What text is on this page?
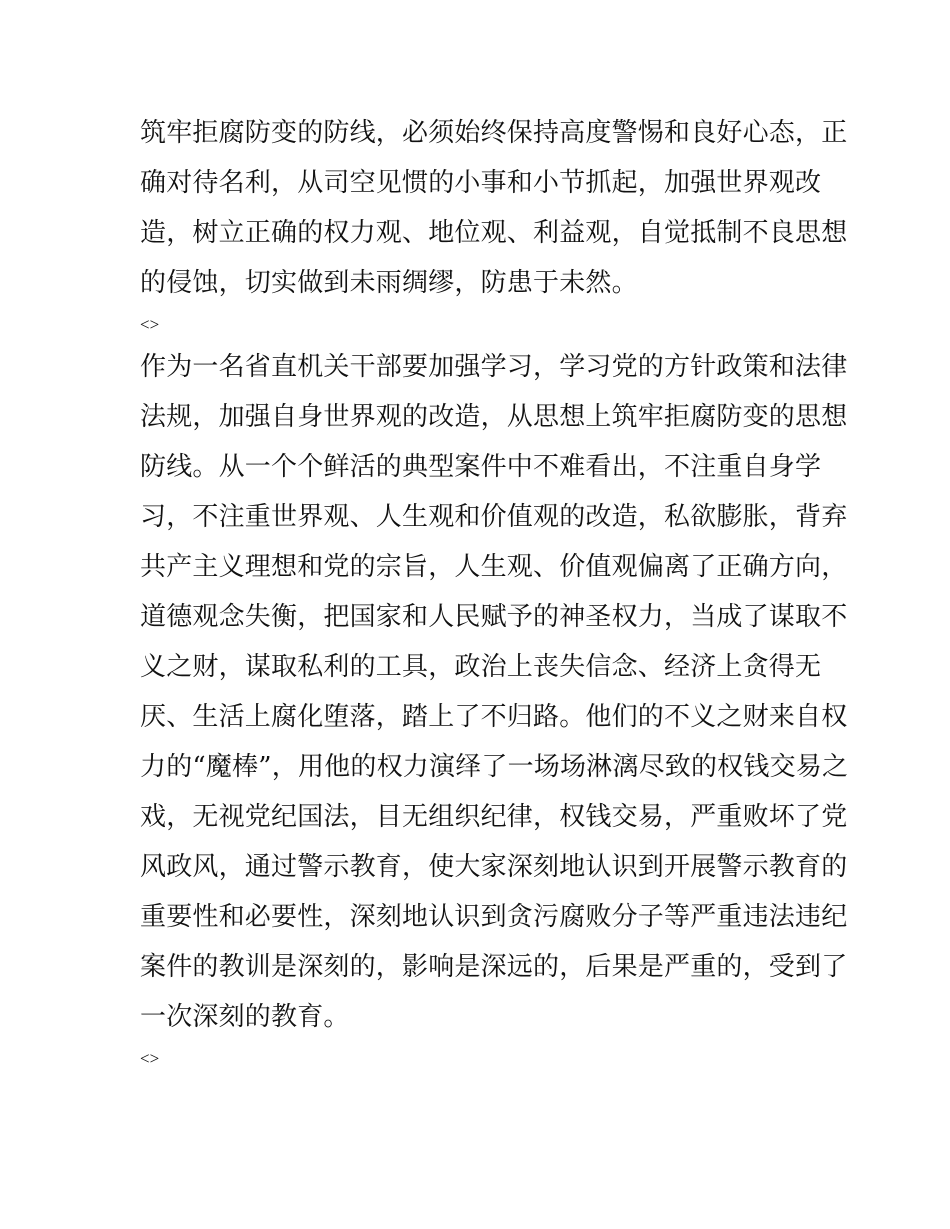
筑牢拒腐防变的防线，必须始终保持高度警惕和良好心态，正
确对待名利，从司空见惯的小事和小节抓起，加强世界观改
造，树立正确的权力观、地位观、利益观，自觉抵制不良思想
的侵蚀，切实做到未雨绸缪，防患于未然。
<>
作为一名省直机关干部要加强学习，学习党的方针政策和法律
法规，加强自身世界观的改造，从思想上筑牢拒腐防变的思想
防线。从一个个鲜活的典型案件中不难看出，不注重自身学
习，不注重世界观、人生观和价值观的改造，私欲膨胀，背弃
共产主义理想和党的宗旨，人生观、价值观偏离了正确方向，
道德观念失衡，把国家和人民赋予的神圣权力，当成了谋取不
义之财，谋取私利的工具，政治上丧失信念、经济上贪得无
厌、生活上腐化堕落，踏上了不归路。他们的不义之财来自权
力的“魔棒”，用他的权力演绎了一场场淋漓尽致的权钱交易之
戏，无视党纪国法，目无组织纪律，权钱交易，严重败坏了党
风政风，通过警示教育，使大家深刻地认识到开展警示教育的
重要性和必要性，深刻地认识到贪污腐败分子等严重违法违纪
案件的教训是深刻的，影响是深远的，后果是严重的，受到了
一次深刻的教育。
<>
